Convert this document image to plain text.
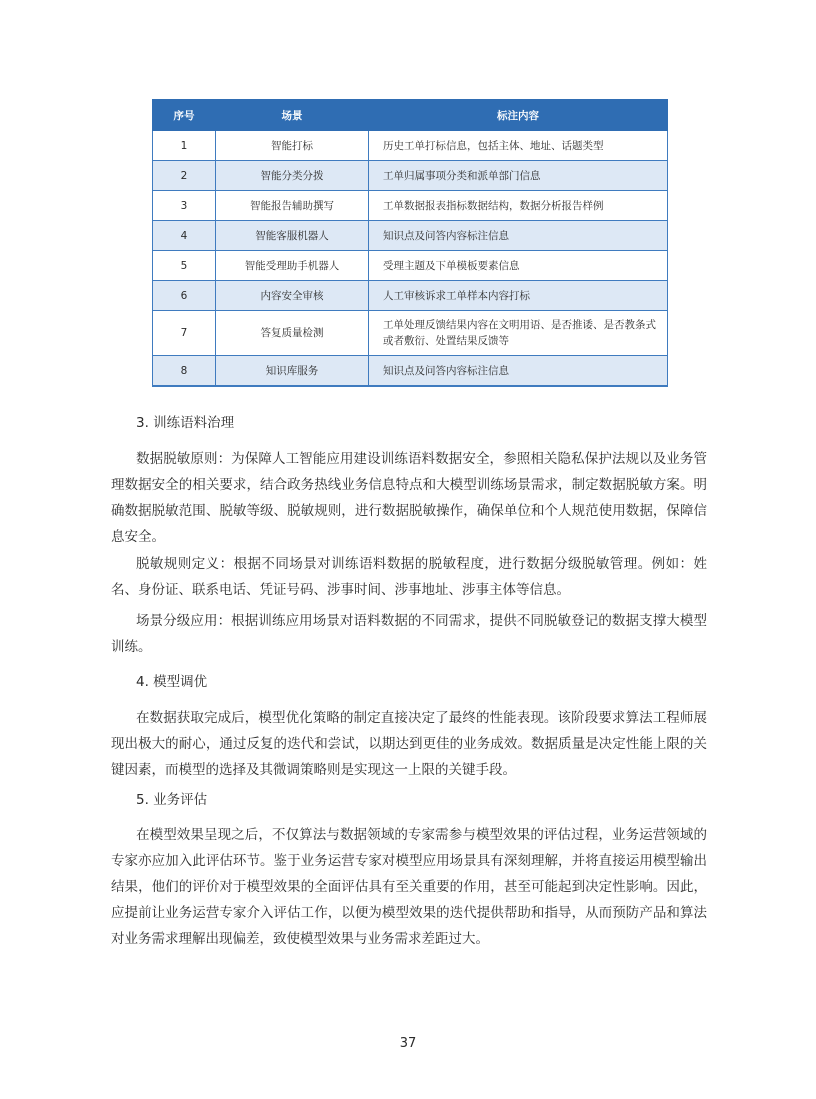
序号	场景	标注内容
1	智能打标	历史工单打标信息，包括主体、地址、话题类型
2	智能分类分拨	工单归属事项分类和派单部门信息
3	智能报告辅助撰写	工单数据报表指标数据结构，数据分析报告样例
4	智能客服机器人	知识点及问答内容标注信息
5	智能受理助手机器人	受理主题及下单模板要素信息
6	内容安全审核	人工审核诉求工单样本内容打标
7	答复质量检测	工单处理反馈结果内容在文明用语、是否推诿、是否教条式或者敷衍、处置结果反馈等
8	知识库服务	知识点及问答内容标注信息
3. 训练语料治理

数据脱敏原则：为保障人工智能应用建设训练语料数据安全，参照相关隐私保护法规以及业务管理数据安全的相关要求，结合政务热线业务信息特点和大模型训练场景需求，制定数据脱敏方案。明确数据脱敏范围、脱敏等级、脱敏规则，进行数据脱敏操作，确保单位和个人规范使用数据，保障信息安全。

脱敏规则定义：根据不同场景对训练语料数据的脱敏程度，进行数据分级脱敏管理。例如：姓名、身份证、联系电话、凭证号码、涉事时间、涉事地址、涉事主体等信息。

场景分级应用：根据训练应用场景对语料数据的不同需求，提供不同脱敏登记的数据支撑大模型训练。

4. 模型调优

在数据获取完成后，模型优化策略的制定直接决定了最终的性能表现。该阶段要求算法工程师展现出极大的耐心，通过反复的迭代和尝试，以期达到更佳的业务成效。数据质量是决定性能上限的关键因素，而模型的选择及其微调策略则是实现这一上限的关键手段。

5. 业务评估

在模型效果呈现之后，不仅算法与数据领域的专家需参与模型效果的评估过程，业务运营领域的专家亦应加入此评估环节。鉴于业务运营专家对模型应用场景具有深刻理解，并将直接运用模型输出结果，他们的评价对于模型效果的全面评估具有至关重要的作用，甚至可能起到决定性影响。因此，应提前让业务运营专家介入评估工作，以便为模型效果的迭代提供帮助和指导，从而预防产品和算法对业务需求理解出现偏差，致使模型效果与业务需求差距过大。

37
